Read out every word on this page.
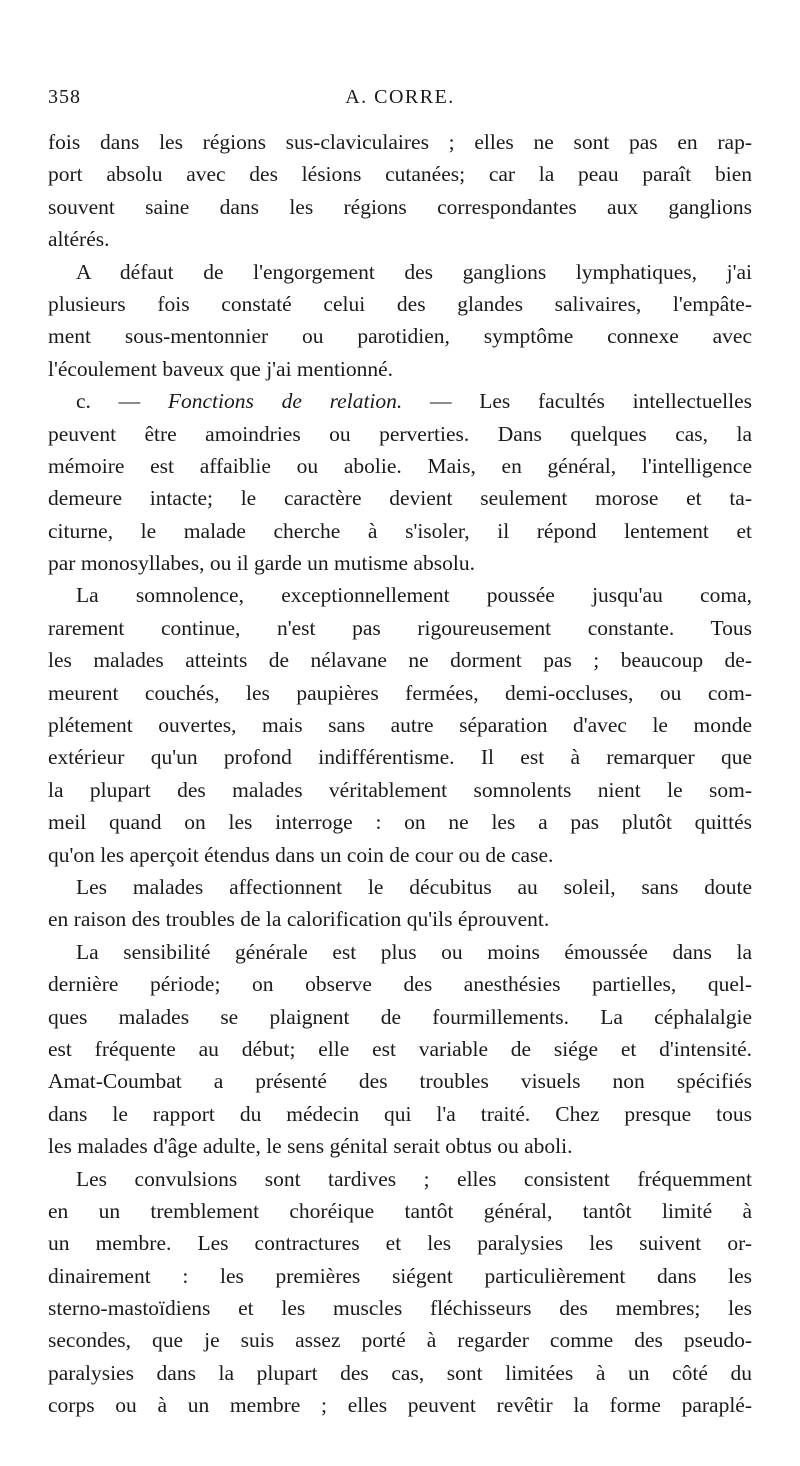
358	A. CORRE.
fois dans les régions sus-claviculaires ; elles ne sont pas en rap-
port absolu avec des lésions cutanées; car la peau paraît bien
souvent saine dans les régions correspondantes aux ganglions
altérés.
A défaut de l'engorgement des ganglions lymphatiques, j'ai
plusieurs fois constaté celui des glandes salivaires, l'empâte-
ment sous-mentonnier ou parotidien, symptôme connexe avec
l'écoulement baveux que j'ai mentionné.
c. — Fonctions de relation. — Les facultés intellectuelles
peuvent être amoindries ou perverties. Dans quelques cas, la
mémoire est affaiblie ou abolie. Mais, en général, l'intelligence
demeure intacte; le caractère devient seulement morose et ta-
citurne, le malade cherche à s'isoler, il répond lentement et
par monosyllabes, ou il garde un mutisme absolu.
La somnolence, exceptionnellement poussée jusqu'au coma,
rarement continue, n'est pas rigoureusement constante. Tous
les malades atteints de nélavane ne dorment pas ; beaucoup de-
meurent couchés, les paupières fermées, demi-occluses, ou com-
plétement ouvertes, mais sans autre séparation d'avec le monde
extérieur qu'un profond indifférentisme. Il est à remarquer que
la plupart des malades véritablement somnolents nient le som-
meil quand on les interroge : on ne les a pas plutôt quittés
qu'on les aperçoit étendus dans un coin de cour ou de case.
Les malades affectionnent le décubitus au soleil, sans doute
en raison des troubles de la calorification qu'ils éprouvent.
La sensibilité générale est plus ou moins émoussée dans la
dernière période; on observe des anesthésies partielles, quel-
ques malades se plaignent de fourmillements. La céphalalgie
est fréquente au début; elle est variable de siége et d'intensité.
Amat-Coumbat a présenté des troubles visuels non spécifiés
dans le rapport du médecin qui l'a traité. Chez presque tous
les malades d'âge adulte, le sens génital serait obtus ou aboli.
Les convulsions sont tardives ; elles consistent fréquemment
en un tremblement choréique tantôt général, tantôt limité à
un membre. Les contractures et les paralysies les suivent or-
dinairement : les premières siégent particulièrement dans les
sterno-mastoïdiens et les muscles fléchisseurs des membres; les
secondes, que je suis assez porté à regarder comme des pseudo-
paralysies dans la plupart des cas, sont limitées à un côté du
corps ou à un membre ; elles peuvent revêtir la forme paraplé-
